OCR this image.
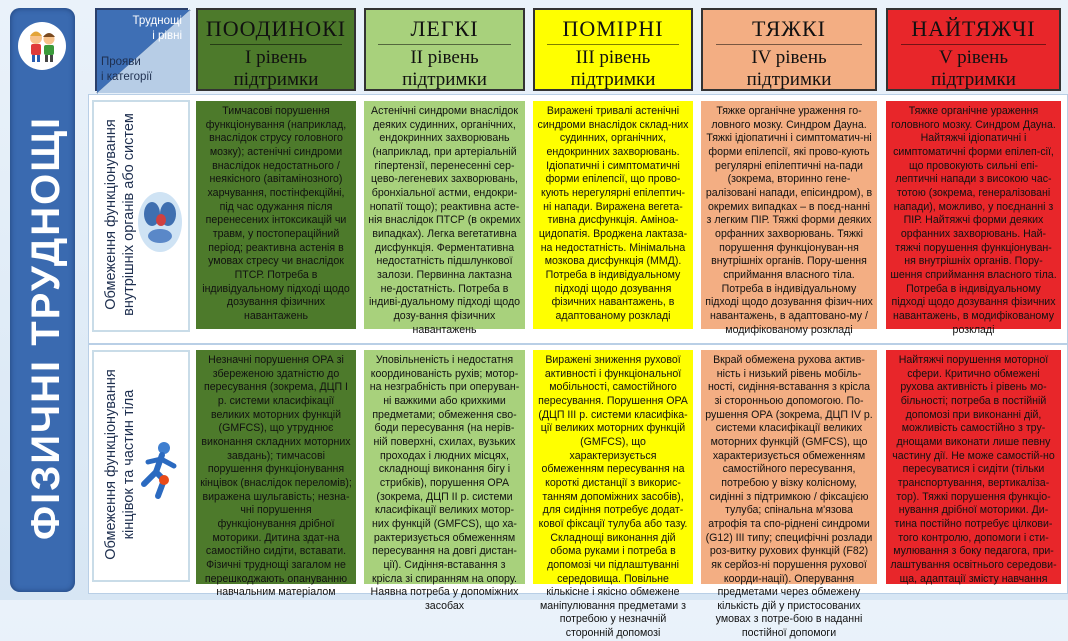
ФІЗИЧНІ ТРУДНОЩІ
Труднощі
і рівні
Прояви
і категорії
ПООДИНОКІ
І рівень
підтримки
ЛЕГКІ
ІІ рівень
підтримки
ПОМІРНІ
ІІІ рівень
підтримки
ТЯЖКІ
IV рівень
підтримки
НАЙТЯЖЧІ
V рівень
підтримки
Обмеження функціонування внутрішніх органів або систем
Тимчасові порушення функціонування (наприклад, внаслідок струсу головного мозку); астенічні синдроми внаслідок недостатнього / неякісного (авітамінозного) харчування, постінфекційні, під час одужання після перенесених інтоксикацій чи травм, у постопераційний період; реактивна астенія в умовах стресу чи внаслідок ПТСР. Потреба в індивідуальному підході щодо дозування фізичних навантажень
Астенічні синдроми внаслідок деяких судинних, органічних, ендокринних захворювань (наприклад, при артеріальній гіпертензії, перенесенні сер-цево-легеневих захворювань, бронхіальної астми, ендокри-нопатії тощо); реактивна асте-нія внаслідок ПТСР (в окремих випадках). Легка вегетативна дисфункція. Ферментативна недостатність підшлункової залози. Первинна лактазна не-достатність. Потреба в індиві-дуальному підході щодо дозу-вання фізичних навантажень
Виражені тривалі астенічні синдроми внаслідок склад-них судинних, органічних, ендокринних захворювань. Ідіопатичні і симптоматичні форми епілепсії, що прово-кують нерегулярні епілептич-ні напади. Виражена вегета-тивна дисфункція. Аміноа-цидопатія. Вроджена лактаза-на недостатність. Мінімальна мозкова дисфункція (ММД). Потреба в індивідуальному підході щодо дозування фізичних навантажень, в адаптованому розкладі
Тяжке органічне ураження го-ловного мозку. Синдром Дауна. Тяжкі ідіопатичні і симптоматич-ні форми епілепсії, які прово-кують регулярні епілептичні на-пади (зокрема, вторинно гене-ралізовані напади, епісиндром), в окремих випадках – в поєд-нанні з легким ПІР. Тяжкі форми деяких орфанних захворювань. Тяжкі порушення функціонуван-ня внутрішніх органів. Пору-шення сприймання власного тіла. Потреба в індивідуальному підході щодо дозування фізич-них навантажень, в адаптовано-му / модифікованому розкладі
Тяжке органічне ураження головного мозку. Синдром Дауна. Найтяжчі ідіопатичні і симптоматичні форми епілеп-сії, що провокують сильні епі-лептичні напади з високою час-тотою (зокрема, генералізовані напади), можливо, у поєднанні з ПІР. Найтяжчі форми деяких орфанних захворювань. Най-тяжчі порушення функціонуван-ня внутрішніх органів. Пору-шення сприймання власного тіла. Потреба в індивідуальному підході щодо дозування фізичних навантажень, в модифікованому розкладі
Обмеження функціонування кінцівок та частин тіла
Незначні порушення ОРА зі збереженою здатністю до пересування (зокрема, ДЦП І р. системи класифікації великих моторних функцій (GMFCS), що утруднює виконання складних моторних завдань); тимчасові порушення функціонування кінцівок (внаслідок переломів); виражена шульгавість; незна-чні порушення функціонування дрібної моторики. Дитина здат-на самостійно сидіти, вставати. Фізичні труднощі загалом не перешкоджають опануванню навчальним матеріалом
Уповільненість і недостатня координованість рухів; мотор-на незграбність при опеpуван-ні важкими або крихкими предметами; обмеження сво-боди пересування (на нерів-ній поверхні, схилах, вузьких проходах і людних місцях, складнощі виконання бігу і стрибків), порушення ОРА (зокрема, ДЦП ІІ р. системи класифікації великих мотор-них функцій (GMFCS), що ха-рактеризується обмеженням пересування на довгі дистан-ції). Сидіння-вставання з крісла зі спиранням на опору. Наявна потреба у допоміжних засобах
Виражені зниження рухової активності і функціональної мобільності, самостійного пересування. Порушення ОРА (ДЦП ІІІ р. системи класифіка-ції великих моторних функцій (GMFCS), що характеризується обмеженням пересування на короткі дистанції з викорис-танням допоміжних засобів), для сидіння потребує додат-кової фіксації тулуба або тазу. Складнощі виконання дій обома руками і потреба в допомозі чи підлаштуванні середовища. Повільне кількісне і якісно обмежене маніпулювання предметами з потребою у незначній сторонній допомозі
Вкрай обмежена рухова актив-ність і низький рівень мобіль-ності, сидіння-вставання з крісла зі сторонньою допомогою. По-рушення ОРА (зокрема, ДЦП IV р. системи класифікації великих моторних функцій (GMFCS), що характеризується обмеженням самостійного пересування, потребою у візку колісному, сидінні з підтримкою / фіксацією тулуба; спінальна м'язова атрофія та спо-ріднені синдроми (G12) ІІІ типу; специфічні розлади роз-витку рухових функцій (F82) як серйоз-ні порушення рухової коорди-нації). Опеpування предметами через обмежену кількість дій у пристосованих умовах з потре-бою в наданні постійної допомоги
Найтяжчі порушення моторної сфери. Критично обмежені рухова активність і рівень мо-більності; потреба в постійній допомозі при виконанні дій, можливість самостійно з тру-днощами виконати лише певну частину дії. Не може самостій-но пересуватися і сидіти (тільки транспортування, вертикаліза-тор). Тяжкі порушення функціо-нування дрібної моторики. Ди-тина постійно потребує цілкови-того контролю, допомоги і сти-мулювання з боку педагога, при-лаштування освітнього середови-ща, адаптації змісту навчання
